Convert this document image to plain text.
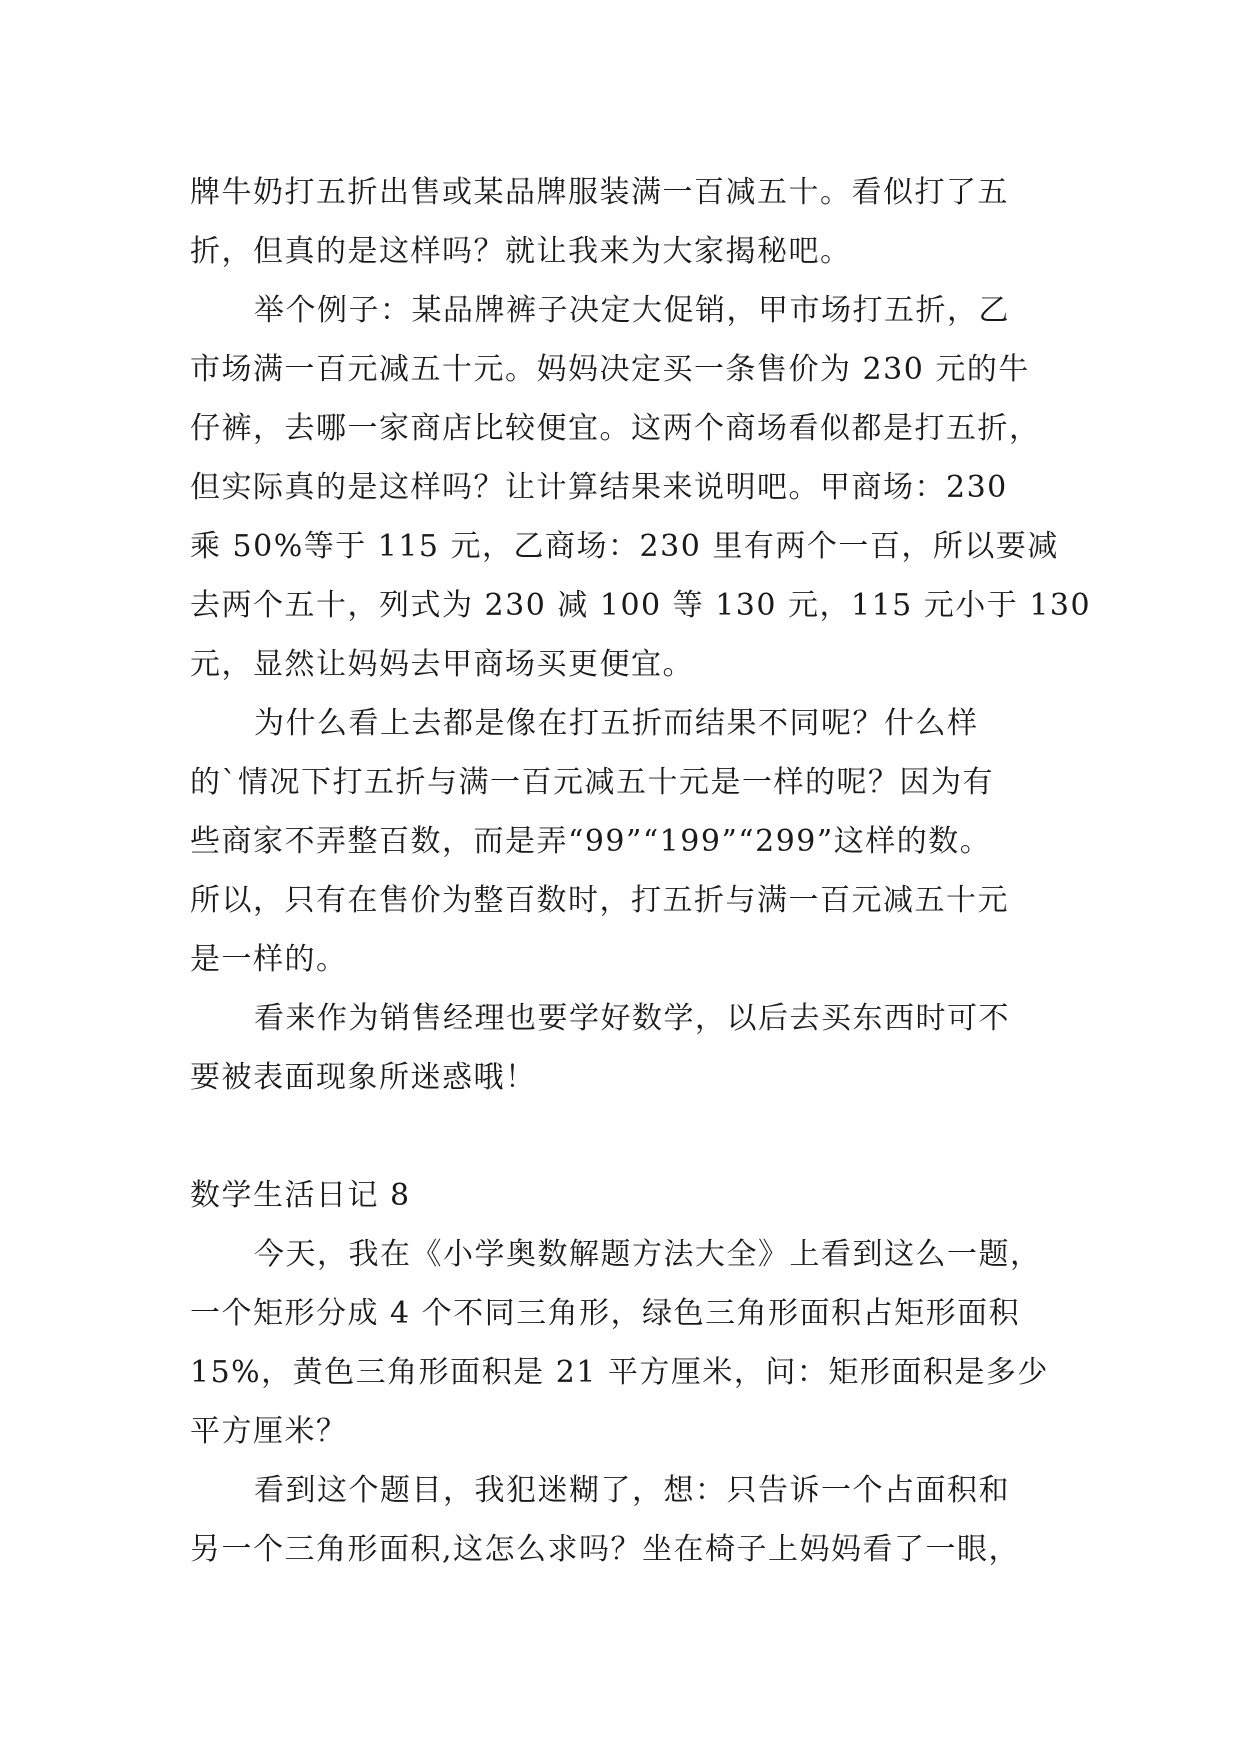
牌牛奶打五折出售或某品牌服装满一百减五十。看似打了五
折，但真的是这样吗？就让我来为大家揭秘吧。
举个例子：某品牌裤子决定大促销，甲市场打五折，乙
市场满一百元减五十元。妈妈决定买一条售价为 230 元的牛
仔裤，去哪一家商店比较便宜。这两个商场看似都是打五折，
但实际真的是这样吗？让计算结果来说明吧。甲商场：230
乘 50%等于 115 元，乙商场：230 里有两个一百，所以要减
去两个五十，列式为 230 减 100 等 130 元，115 元小于 130
元，显然让妈妈去甲商场买更便宜。
为什么看上去都是像在打五折而结果不同呢？什么样
的`情况下打五折与满一百元减五十元是一样的呢？因为有
些商家不弄整百数，而是弄“99”“199”“299”这样的数。
所以，只有在售价为整百数时，打五折与满一百元减五十元
是一样的。
看来作为销售经理也要学好数学，以后去买东西时可不
要被表面现象所迷惑哦！
数学生活日记 8
今天，我在《小学奥数解题方法大全》上看到这么一题，
一个矩形分成 4 个不同三角形，绿色三角形面积占矩形面积
15%，黄色三角形面积是 21 平方厘米，问：矩形面积是多少
平方厘米？
看到这个题目，我犯迷糊了，想：只告诉一个占面积和
另一个三角形面积,这怎么求吗？坐在椅子上妈妈看了一眼，
